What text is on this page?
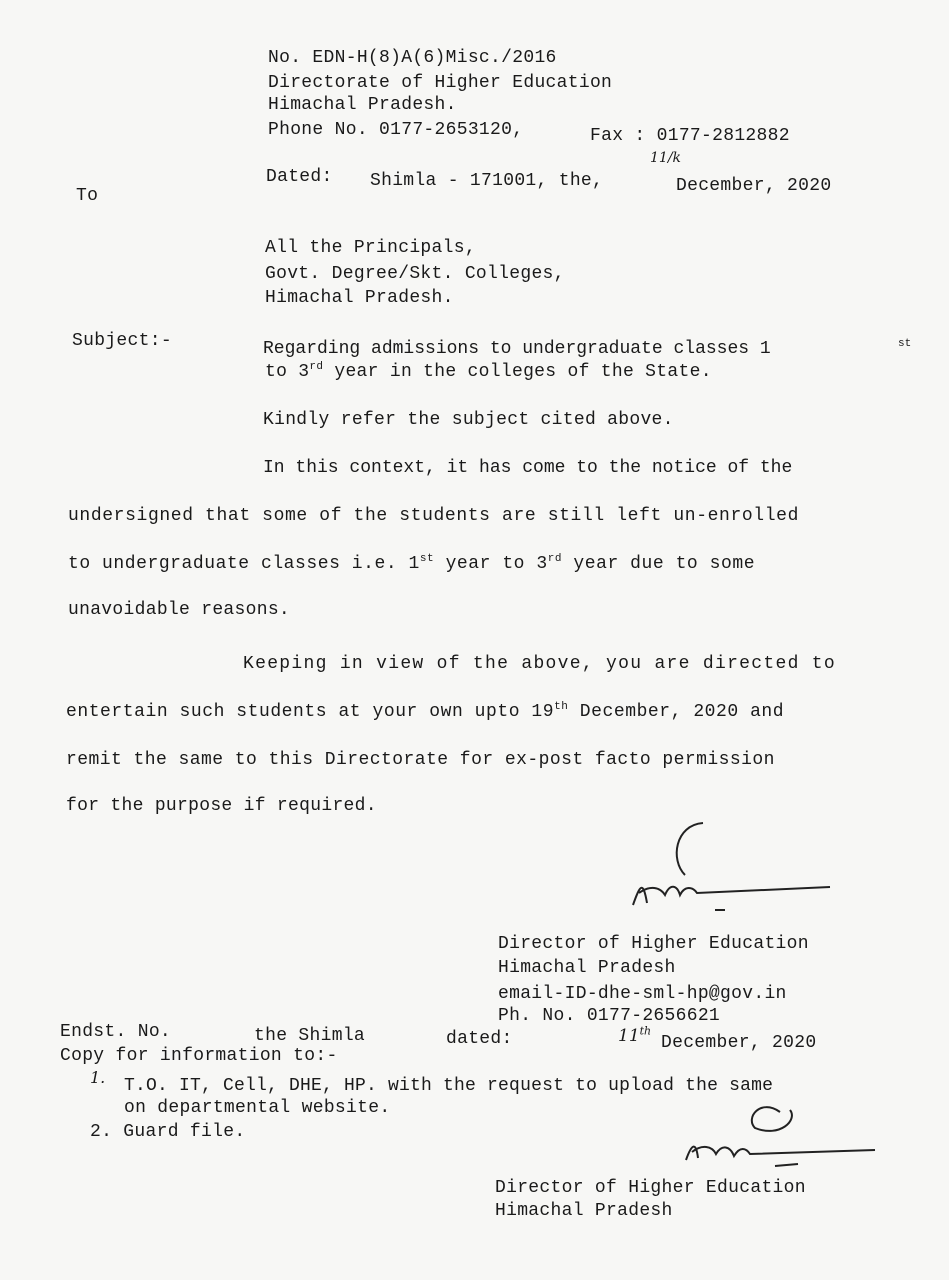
No. EDN-H(8)A(6)Misc./2016
Directorate of Higher Education
Himachal Pradesh.
Phone No. 0177-2653120,	Fax : 0177-2812882
Dated: Shimla - 171001, the,
11/k
December, 2020
To
All the Principals,
Govt. Degree/Skt. Colleges,
Himachal Pradesh.
Subject:-	Regarding admissions to undergraduate classes 1	st
to 3rd year in the colleges of the State.
Kindly refer the subject cited above.
In this context, it has come to the notice of the
undersigned that some of the students are still left un-enrolled
to undergraduate classes i.e. 1st year to 3rd year due to some
unavoidable reasons.
Keeping in view of the above, you are directed to
entertain such students at your own upto 19th December, 2020 and
remit the same to this Directorate for ex-post facto permission
for the purpose if required.
Director of Higher Education
Himachal Pradesh
email-ID-dhe-sml-hp@gov.in
Ph. No. 0177-2656621
Endst. No.	the Shimla	dated:	11th
December, 2020
Copy for information to:-
1. T.O. IT, Cell, DHE, HP. with the request to upload the same
on departmental website.
2. Guard file.
Director of Higher Education
Himachal Pradesh
